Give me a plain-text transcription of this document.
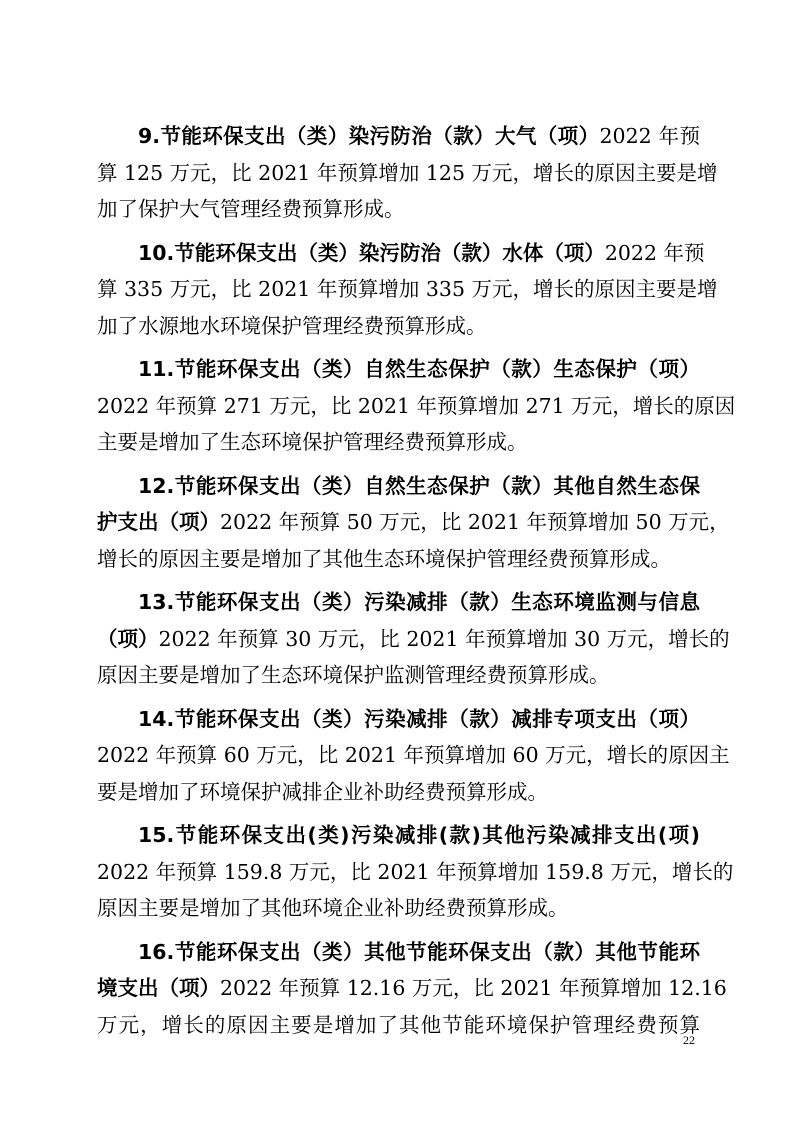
9.节能环保支出（类）染污防治（款）大气（项）2022 年预
算 125 万元，比 2021 年预算增加 125 万元，增长的原因主要是增
加了保护大气管理经费预算形成。
10.节能环保支出（类）染污防治（款）水体（项）2022 年预
算 335 万元，比 2021 年预算增加 335 万元，增长的原因主要是增
加了水源地水环境保护管理经费预算形成。
11.节能环保支出（类）自然生态保护（款）生态保护（项）
2022 年预算 271 万元，比 2021 年预算增加 271 万元，增长的原因
主要是增加了生态环境保护管理经费预算形成。
12.节能环保支出（类）自然生态保护（款）其他自然生态保
护支出（项）2022 年预算 50 万元，比 2021 年预算增加 50 万元，
增长的原因主要是增加了其他生态环境保护管理经费预算形成。
13.节能环保支出（类）污染减排（款）生态环境监测与信息
（项）2022 年预算 30 万元，比 2021 年预算增加 30 万元，增长的
原因主要是增加了生态环境保护监测管理经费预算形成。
14.节能环保支出（类）污染减排（款）减排专项支出（项）
2022 年预算 60 万元，比 2021 年预算增加 60 万元，增长的原因主
要是增加了环境保护减排企业补助经费预算形成。
15.节能环保支出(类)污染减排(款)其他污染减排支出(项)
2022 年预算 159.8 万元，比 2021 年预算增加 159.8 万元，增长的
原因主要是增加了其他环境企业补助经费预算形成。
16.节能环保支出（类）其他节能环保支出（款）其他节能环
境支出（项）2022 年预算 12.16 万元，比 2021 年预算增加 12.16
万元，增长的原因主要是增加了其他节能环境保护管理经费预算
22
